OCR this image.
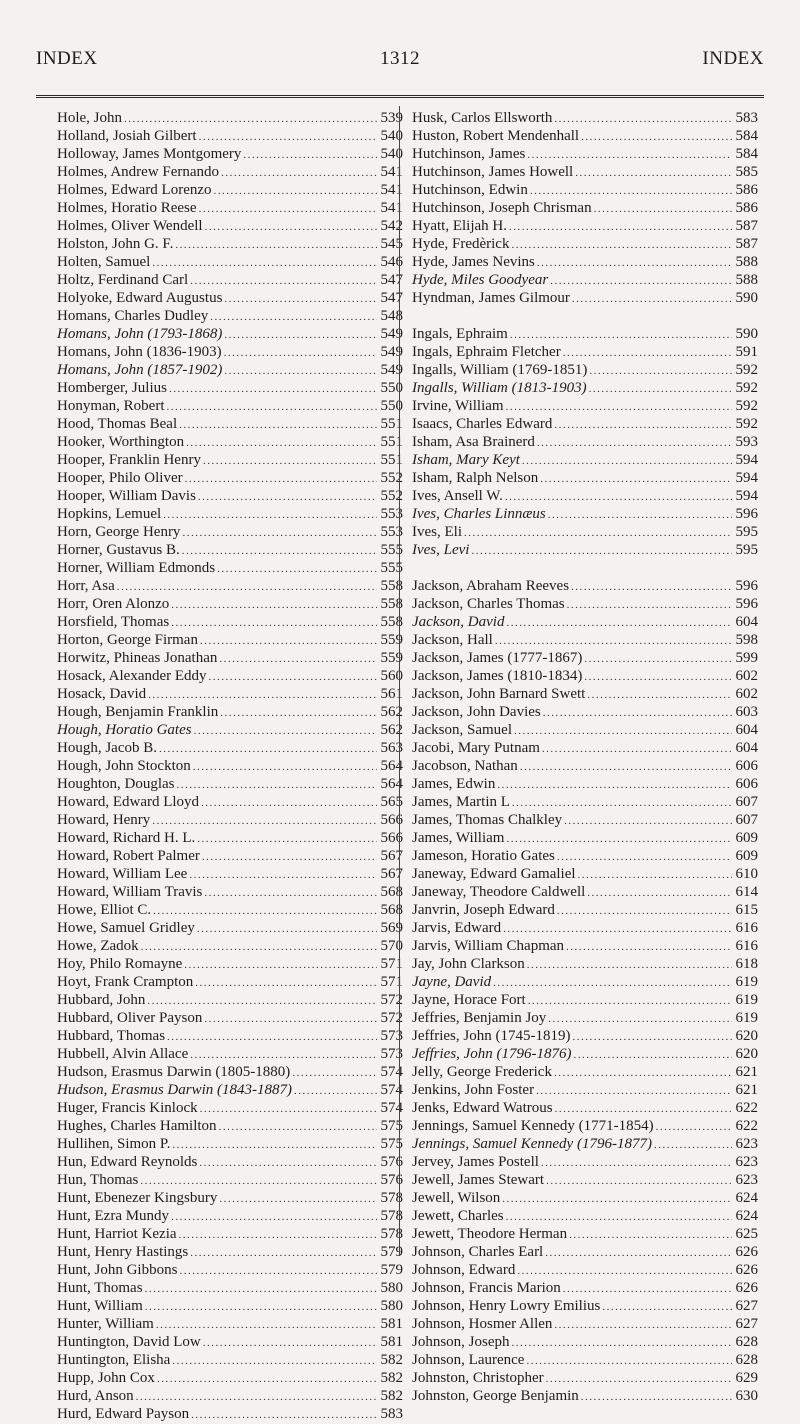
INDEX	1312	INDEX
Hole, John .....	539
Holland, Josiah Gilbert .....	540
Holloway, James Montgomery .....	540
Holmes, Andrew Fernando .....	541
Holmes, Edward Lorenzo .....	541
Holmes, Horatio Reese .....	541
Holmes, Oliver Wendell .....	542
Holston, John G. F. .....	545
Holten, Samuel .....	546
Holtz, Ferdinand Carl .....	547
Holyoke, Edward Augustus .....	547
Homans, Charles Dudley .....	548
Homans, John (1793-1868) .....	549
Homans, John (1836-1903) .....	549
Homans, John (1857-1902) .....	549
Homberger, Julius .....	550
Honyman, Robert .....	550
Hood, Thomas Beal .....	551
Hooker, Worthington .....	551
Hooper, Franklin Henry .....	551
Hooper, Philo Oliver .....	552
Hooper, William Davis .....	552
Hopkins, Lemuel .....	553
Horn, George Henry .....	553
Horner, Gustavus B. .....	555
Horner, William Edmonds .....	555
Horr, Asa .....	558
Horr, Oren Alonzo .....	558
Horsfield, Thomas .....	558
Horton, George Firman .....	559
Horwitz, Phineas Jonathan .....	559
Hosack, Alexander Eddy .....	560
Hosack, David .....	561
Hough, Benjamin Franklin .....	562
Hough, Horatio Gates .....	562
Hough, Jacob B. .....	563
Hough, John Stockton .....	564
Houghton, Douglas .....	564
Howard, Edward Lloyd .....	565
Howard, Henry .....	566
Howard, Richard H. L. .....	566
Howard, Robert Palmer .....	567
Howard, William Lee .....	567
Howard, William Travis .....	568
Howe, Elliot C. .....	568
Howe, Samuel Gridley .....	569
Howe, Zadok .....	570
Hoy, Philo Romayne .....	571
Hoyt, Frank Crampton .....	571
Hubbard, John .....	572
Hubbard, Oliver Payson .....	572
Hubbard, Thomas .....	573
Hubbell, Alvin Allace .....	573
Hudson, Erasmus Darwin (1805-1880) .....	574
Hudson, Erasmus Darwin (1843-1887) .....	574
Huger, Francis Kinlock .....	574
Hughes, Charles Hamilton .....	575
Hullihen, Simon P. .....	575
Hun, Edward Reynolds .....	576
Hun, Thomas .....	576
Hunt, Ebenezer Kingsbury .....	578
Hunt, Ezra Mundy .....	578
Hunt, Harriot Kezia .....	578
Hunt, Henry Hastings .....	579
Hunt, John Gibbons .....	579
Hunt, Thomas .....	580
Hunt, William .....	580
Hunter, William .....	581
Huntington, David Low .....	581
Huntington, Elisha .....	582
Hupp, John Cox .....	582
Hurd, Anson .....	582
Hurd, Edward Payson .....	583
Husk, Carlos Ellsworth .....	583
Huston, Robert Mendenhall .....	584
Hutchinson, James .....	584
Hutchinson, James Howell .....	585
Hutchinson, Edwin .....	586
Hutchinson, Joseph Chrisman .....	586
Hyatt, Elijah H. .....	587
Hyde, Fredèrick .....	587
Hyde, James Nevins .....	588
Hyde, Miles Goodyear .....	588
Hyndman, James Gilmour .....	590
Ingals, Ephraim .....	590
Ingals, Ephraim Fletcher .....	591
Ingalls, William (1769-1851) .....	592
Ingalls, William (1813-1903) .....	592
Irvine, William .....	592
Isaacs, Charles Edward .....	592
Isham, Asa Brainerd .....	593
Isham, Mary Keyt .....	594
Isham, Ralph Nelson .....	594
Ives, Ansell W. .....	594
Ives, Charles Linnæus .....	596
Ives, Eli .....	595
Ives, Levi .....	595
Jackson, Abraham Reeves .....	596
Jackson, Charles Thomas .....	596
Jackson, David .....	604
Jackson, Hall .....	598
Jackson, James (1777-1867) .....	599
Jackson, James (1810-1834) .....	602
Jackson, John Barnard Swett .....	602
Jackson, John Davies .....	603
Jackson, Samuel .....	604
Jacobi, Mary Putnam .....	604
Jacobson, Nathan .....	606
James, Edwin .....	606
James, Martin L .....	607
James, Thomas Chalkley .....	607
James, William .....	609
Jameson, Horatio Gates .....	609
Janeway, Edward Gamaliel .....	610
Janeway, Theodore Caldwell .....	614
Janvrin, Joseph Edward .....	615
Jarvis, Edward .....	616
Jarvis, William Chapman .....	616
Jay, John Clarkson .....	618
Jayne, David .....	619
Jayne, Horace Fort .....	619
Jeffries, Benjamin Joy .....	619
Jeffries, John (1745-1819) .....	620
Jeffries, John (1796-1876) .....	620
Jelly, George Frederick .....	621
Jenkins, John Foster .....	621
Jenks, Edward Watrous .....	622
Jennings, Samuel Kennedy (1771-1854) .....	622
Jennings, Samuel Kennedy (1796-1877) .....	623
Jervey, James Postell .....	623
Jewell, James Stewart .....	623
Jewell, Wilson .....	624
Jewett, Charles .....	624
Jewett, Theodore Herman .....	625
Johnson, Charles Earl .....	626
Johnson, Edward .....	626
Johnson, Francis Marion .....	626
Johnson, Henry Lowry Emilius .....	627
Johnson, Hosmer Allen .....	627
Johnson, Joseph .....	628
Johnson, Laurence .....	628
Johnston, Christopher .....	629
Johnston, George Benjamin .....	630
